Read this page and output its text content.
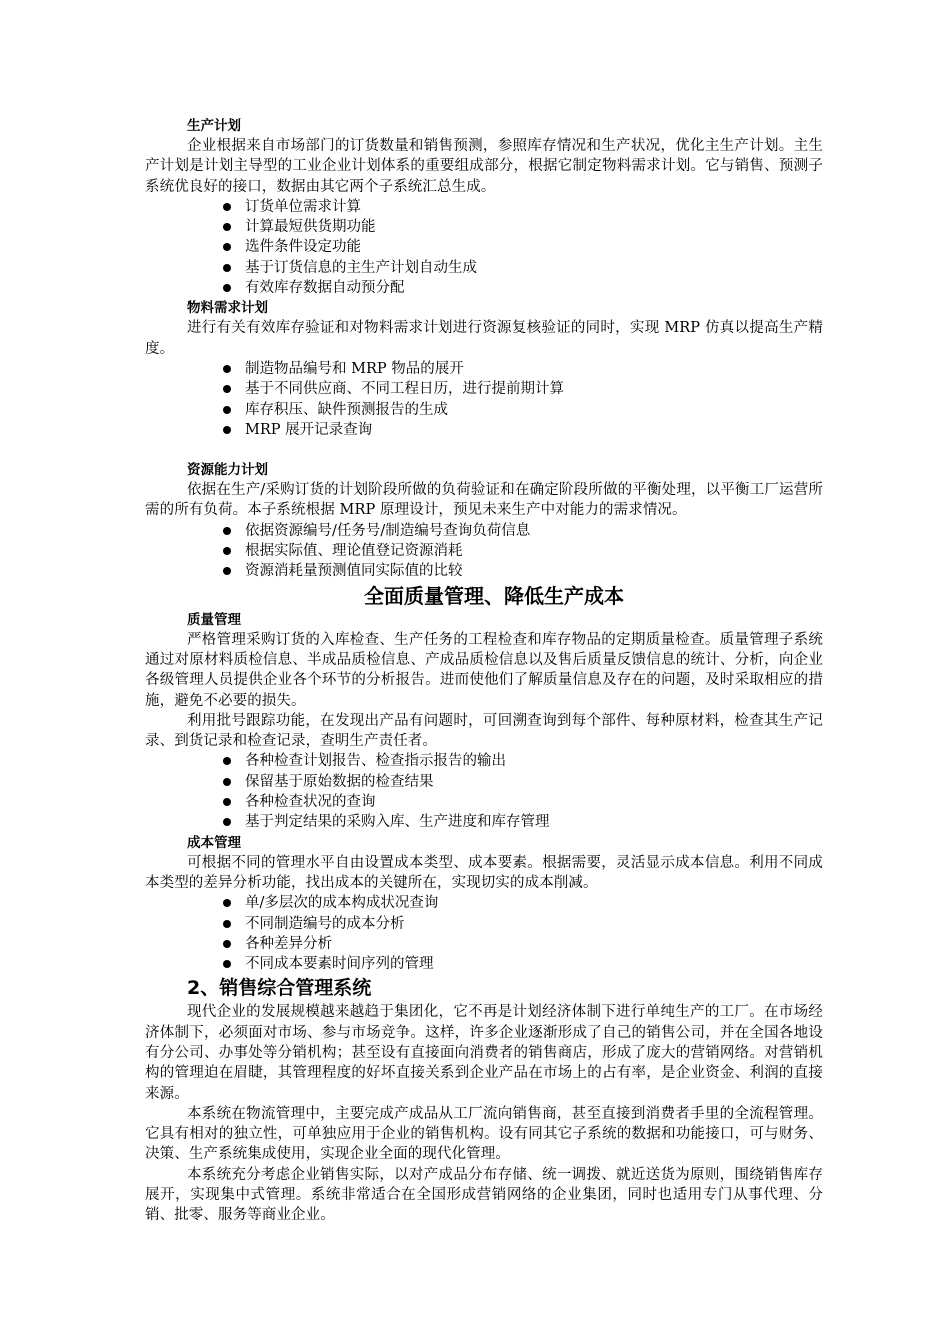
生产计划

企业根据来自市场部门的订货数量和销售预测，参照库存情况和生产状况，优化主生产计划。主生产计划是计划主导型的工业企业计划体系的重要组成部分，根据它制定物料需求计划。它与销售、预测子系统优良好的接口，数据由其它两个子系统汇总生成。

订货单位需求计算
计算最短供货期功能
选件条件设定功能
基于订货信息的主生产计划自动生成
有效库存数据自动预分配

物料需求计划

进行有关有效库存验证和对物料需求计划进行资源复核验证的同时，实现 MRP 仿真以提高生产精度。

制造物品编号和 MRP 物品的展开
基于不同供应商、不同工程日历，进行提前期计算
库存积压、缺件预测报告的生成
MRP 展开记录查询

资源能力计划

依据在生产/采购订货的计划阶段所做的负荷验证和在确定阶段所做的平衡处理，以平衡工厂运营所需的所有负荷。本子系统根据 MRP 原理设计，预见未来生产中对能力的需求情况。

依据资源编号/任务号/制造编号查询负荷信息
根据实际值、理论值登记资源消耗
资源消耗量预测值同实际值的比较

全面质量管理、降低生产成本

质量管理

严格管理采购订货的入库检查、生产任务的工程检查和库存物品的定期质量检查。质量管理子系统通过对原材料质检信息、半成品质检信息、产成品质检信息以及售后质量反馈信息的统计、分析，向企业各级管理人员提供企业各个环节的分析报告。进而使他们了解质量信息及存在的问题，及时采取相应的措施，避免不必要的损失。

利用批号跟踪功能，在发现出产品有问题时，可回溯查询到每个部件、每种原材料，检查其生产记录、到货记录和检查记录，查明生产责任者。

各种检查计划报告、检查指示报告的输出
保留基于原始数据的检查结果
各种检查状况的查询
基于判定结果的采购入库、生产进度和库存管理

成本管理

可根据不同的管理水平自由设置成本类型、成本要素。根据需要，灵活显示成本信息。利用不同成本类型的差异分析功能，找出成本的关键所在，实现切实的成本削减。

单/多层次的成本构成状况查询
不同制造编号的成本分析
各种差异分析
不同成本要素时间序列的管理

2、销售综合管理系统

现代企业的发展规模越来越趋于集团化，它不再是计划经济体制下进行单纯生产的工厂。在市场经济体制下，必须面对市场、参与市场竞争。这样，许多企业逐渐形成了自己的销售公司，并在全国各地设有分公司、办事处等分销机构；甚至设有直接面向消费者的销售商店，形成了庞大的营销网络。对营销机构的管理迫在眉睫，其管理程度的好坏直接关系到企业产品在市场上的占有率，是企业资金、利润的直接来源。

本系统在物流管理中，主要完成产成品从工厂流向销售商，甚至直接到消费者手里的全流程管理。它具有相对的独立性，可单独应用于企业的销售机构。设有同其它子系统的数据和功能接口，可与财务、决策、生产系统集成使用，实现企业全面的现代化管理。

本系统充分考虑企业销售实际，以对产成品分布存储、统一调拨、就近送货为原则，围绕销售库存展开，实现集中式管理。系统非常适合在全国形成营销网络的企业集团，同时也适用专门从事代理、分销、批零、服务等商业企业。
